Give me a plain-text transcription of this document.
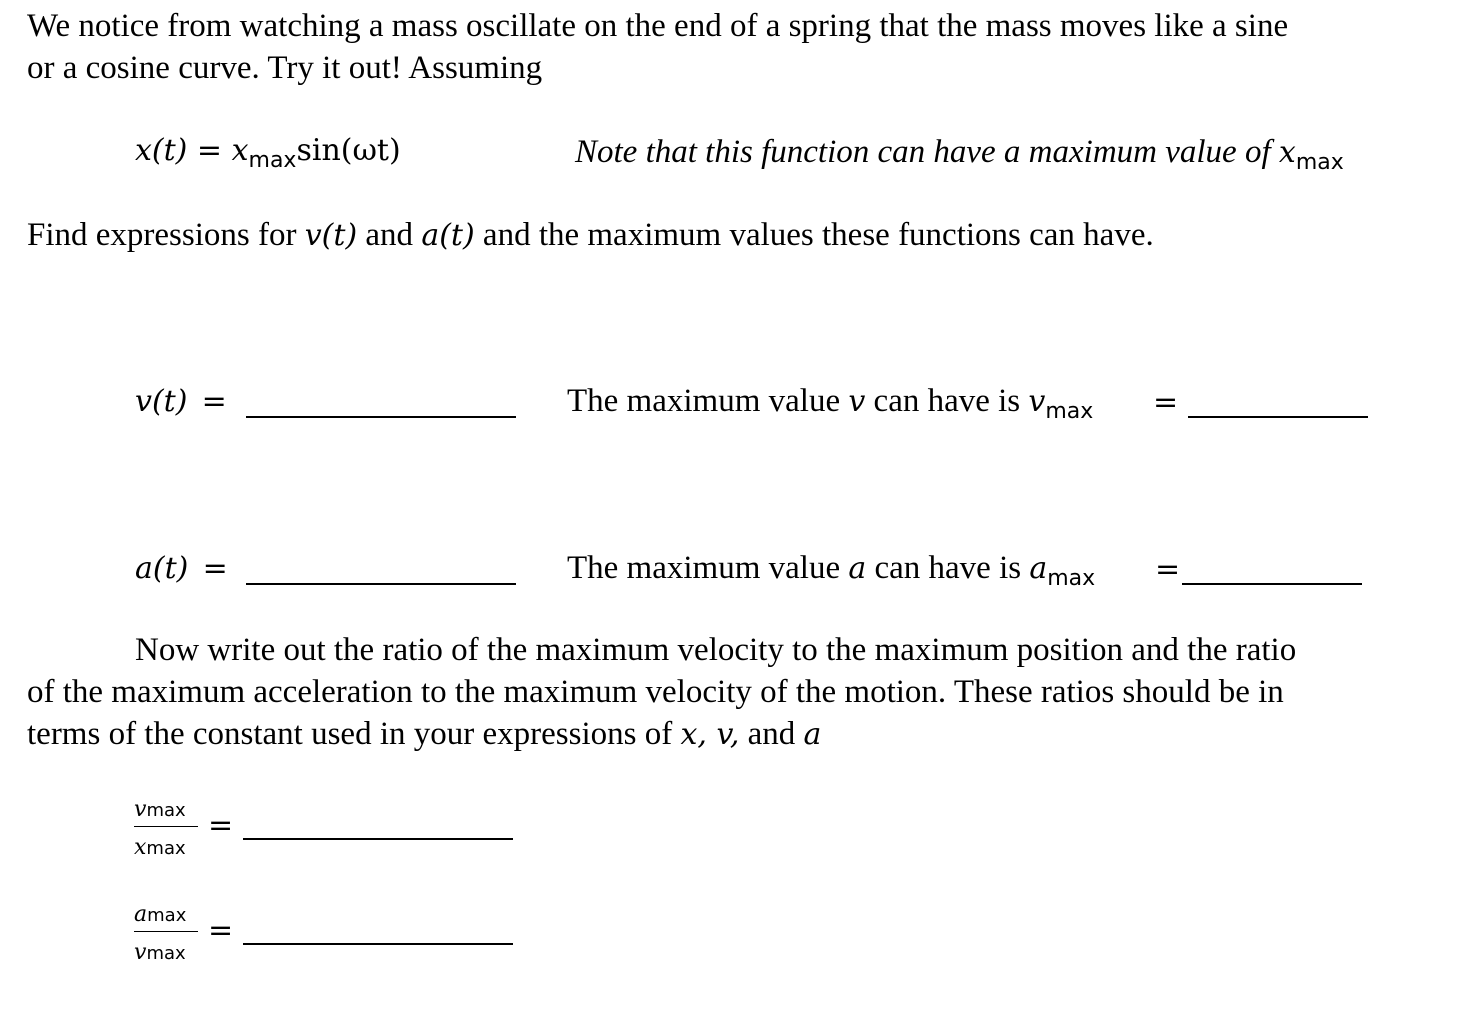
We notice from watching a mass oscillate on the end of a spring that the mass moves like a sine
or a cosine curve. Try it out! Assuming
$x(t) = x_{max}\sin(\omega t)$	Note that this function can have a maximum value of $x_{max}$
Find expressions for v(t) and a(t) and the maximum values these functions can have.
v(t) =	The maximum value v can have is $v_{max}$ =
a(t) =	The maximum value a can have is $a_{max}$ =
Now write out the ratio of the maximum velocity to the maximum position and the ratio
of the maximum acceleration to the maximum velocity of the motion. These ratios should be in
terms of the constant used in your expressions of x, v, and a
vmax
xmax
=
amax
vmax
=
